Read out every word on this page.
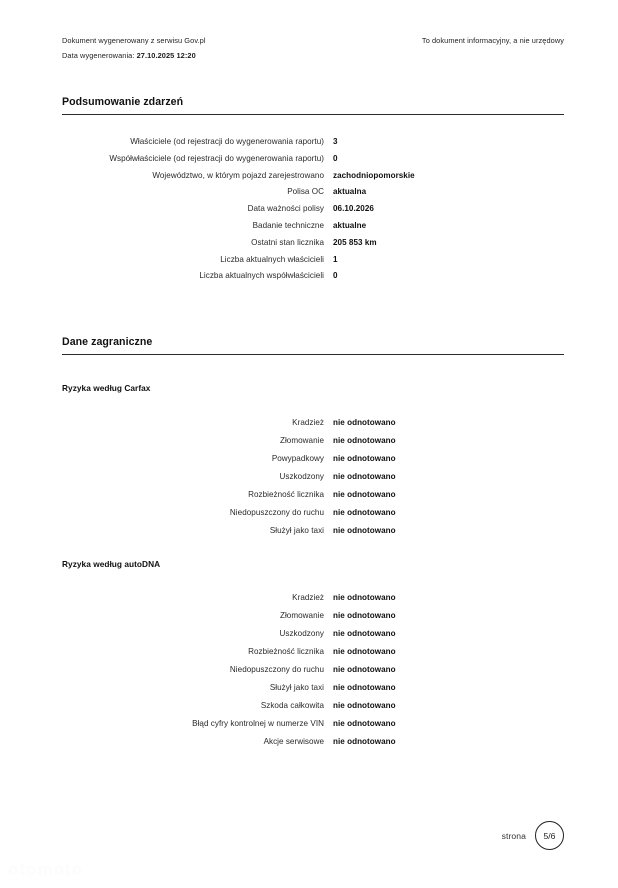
Dokument wygenerowany z serwisu Gov.pl
Data wygenerowania: 27.10.2025 12:20
To dokument informacyjny, a nie urzędowy
Podsumowanie zdarzeń
Właściciele (od rejestracji do wygenerowania raportu)	3
Współwłaściciele (od rejestracji do wygenerowania raportu)	0
Województwo, w którym pojazd zarejestrowano	zachodniopomorskie
Polisa OC	aktualna
Data ważności polisy	06.10.2026
Badanie techniczne	aktualne
Ostatni stan licznika	205 853 km
Liczba aktualnych właścicieli	1
Liczba aktualnych współwłaścicieli	0
Dane zagraniczne
Ryzyka według Carfax
Kradzież	nie odnotowano
Złomowanie	nie odnotowano
Powypadkowy	nie odnotowano
Uszkodzony	nie odnotowano
Rozbieżność licznika	nie odnotowano
Niedopuszczony do ruchu	nie odnotowano
Służył jako taxi	nie odnotowano
Ryzyka według autoDNA
Kradzież	nie odnotowano
Złomowanie	nie odnotowano
Uszkodzony	nie odnotowano
Rozbieżność licznika	nie odnotowano
Niedopuszczony do ruchu	nie odnotowano
Służył jako taxi	nie odnotowano
Szkoda całkowita	nie odnotowano
Błąd cyfry kontrolnej w numerze VIN	nie odnotowano
Akcje serwisowe	nie odnotowano
strona	5/6
otomoto
